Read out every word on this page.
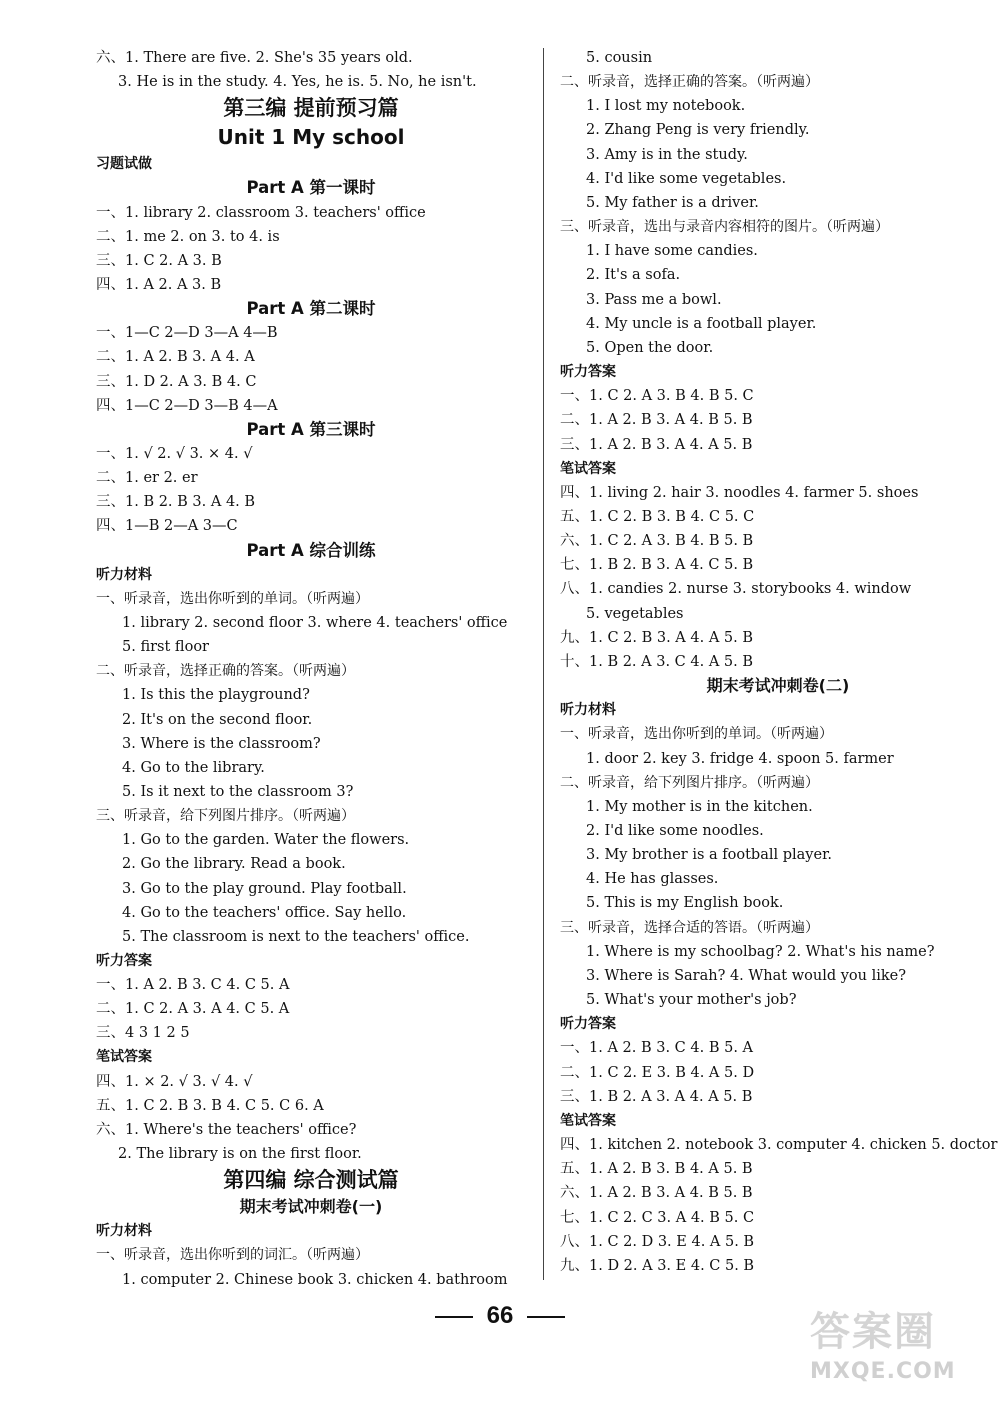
六、1. There are five. 2. She's 35 years old.
3. He is in the study. 4. Yes, he is. 5. No, he isn't.
第三编 提前预习篇
Unit 1 My school
习题试做
Part A 第一课时
一、1. library 2. classroom 3. teachers' office
二、1. me 2. on 3. to 4. is
三、1. C 2. A 3. B
四、1. A 2. A 3. B
Part A 第二课时
一、1—C 2—D 3—A 4—B
二、1. A 2. B 3. A 4. A
三、1. D 2. A 3. B 4. C
四、1—C 2—D 3—B 4—A
Part A 第三课时
一、1. √ 2. √ 3. × 4. √
二、1. er 2. er
三、1. B 2. B 3. A 4. B
四、1—B 2—A 3—C
Part A 综合训练
听力材料
一、听录音，选出你听到的单词。（听两遍）
1. library 2. second floor 3. where 4. teachers' office
5. first floor
二、听录音，选择正确的答案。（听两遍）
1. Is this the playground?
2. It's on the second floor.
3. Where is the classroom?
4. Go to the library.
5. Is it next to the classroom 3?
三、听录音，给下列图片排序。（听两遍）
1. Go to the garden. Water the flowers.
2. Go the library. Read a book.
3. Go to the play ground. Play football.
4. Go to the teachers' office. Say hello.
5. The classroom is next to the teachers' office.
听力答案
一、1. A 2. B 3. C 4. C 5. A
二、1. C 2. A 3. A 4. C 5. A
三、4 3 1 2 5
笔试答案
四、1. × 2. √ 3. √ 4. √
五、1. C 2. B 3. B 4. C 5. C 6. A
六、1. Where's the teachers' office?
2. The library is on the first floor.
第四编 综合测试篇
期末考试冲刺卷(一)
听力材料
一、听录音，选出你听到的词汇。（听两遍）
1. computer 2. Chinese book 3. chicken 4. bathroom
5. cousin
二、听录音，选择正确的答案。（听两遍）
1. I lost my notebook.
2. Zhang Peng is very friendly.
3. Amy is in the study.
4. I'd like some vegetables.
5. My father is a driver.
三、听录音，选出与录音内容相符的图片。（听两遍）
1. I have some candies.
2. It's a sofa.
3. Pass me a bowl.
4. My uncle is a football player.
5. Open the door.
听力答案
一、1. C 2. A 3. B 4. B 5. C
二、1. A 2. B 3. A 4. B 5. B
三、1. A 2. B 3. A 4. A 5. B
笔试答案
四、1. living 2. hair 3. noodles 4. farmer 5. shoes
五、1. C 2. B 3. B 4. C 5. C
六、1. C 2. A 3. B 4. B 5. B
七、1. B 2. B 3. A 4. C 5. B
八、1. candies 2. nurse 3. storybooks 4. window
5. vegetables
九、1. C 2. B 3. A 4. A 5. B
十、1. B 2. A 3. C 4. A 5. B
期末考试冲刺卷(二)
听力材料
一、听录音，选出你听到的单词。（听两遍）
1. door 2. key 3. fridge 4. spoon 5. farmer
二、听录音，给下列图片排序。（听两遍）
1. My mother is in the kitchen.
2. I'd like some noodles.
3. My brother is a football player.
4. He has glasses.
5. This is my English book.
三、听录音，选择合适的答语。（听两遍）
1. Where is my schoolbag? 2. What's his name?
3. Where is Sarah? 4. What would you like?
5. What's your mother's job?
听力答案
一、1. A 2. B 3. C 4. B 5. A
二、1. C 2. E 3. B 4. A 5. D
三、1. B 2. A 3. A 4. A 5. B
笔试答案
四、1. kitchen 2. notebook 3. computer 4. chicken 5. doctor
五、1. A 2. B 3. B 4. A 5. B
六、1. A 2. B 3. A 4. B 5. B
七、1. C 2. C 3. A 4. B 5. C
八、1. C 2. D 3. E 4. A 5. B
九、1. D 2. A 3. E 4. C 5. B
66	答案圈
MXQE.COM
